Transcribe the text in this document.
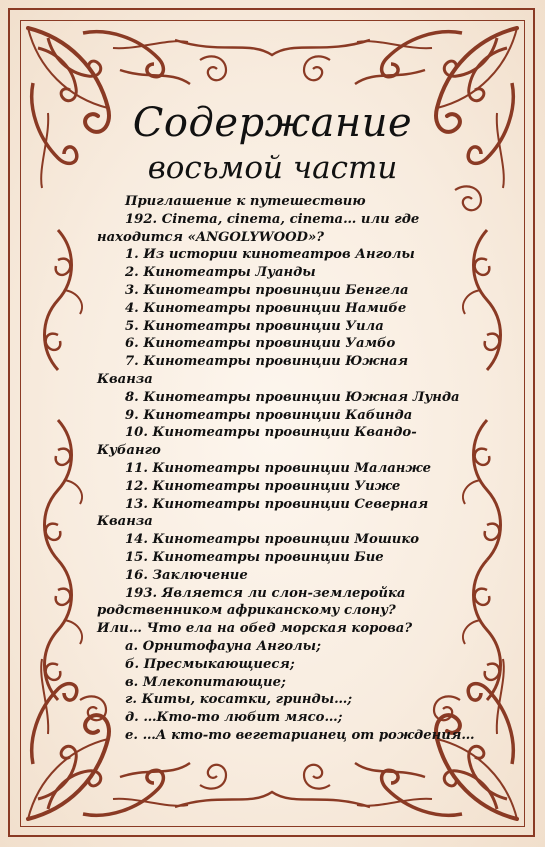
Содержание
восьмой части
Приглашение к путешествию
192. Cinema, cinema, cinema… или где
находится «ANGOLYWOOD»?
1. Из истории кинотеатров Анголы
2. Кинотеатры Луанды
3. Кинотеатры провинции Бенгела
4. Кинотеатры провинции Намибе
5. Кинотеатры провинции Уила
6. Кинотеатры провинции Уамбо
7. Кинотеатры провинции Южная
Кванза
8. Кинотеатры провинции Южная Лунда
9. Кинотеатры провинции Кабинда
10. Кинотеатры провинции Квандо-
Кубанго
11. Кинотеатры провинции Маланже
12. Кинотеатры провинции Уиже
13. Кинотеатры провинции Северная
Кванза
14. Кинотеатры провинции Мошико
15. Кинотеатры провинции Бие
16. Заключение
193. Является ли слон-землеройка
родственником африканскому слону?
Или… Что ела на обед морская корова?
а. Орнитофауна Анголы;
б. Пресмыкающиеся;
в. Млекопитающие;
г. Киты, косатки, гринды…;
д. …Кто-то любит мясо…;
е. …А кто-то вегетарианец от рождения…
